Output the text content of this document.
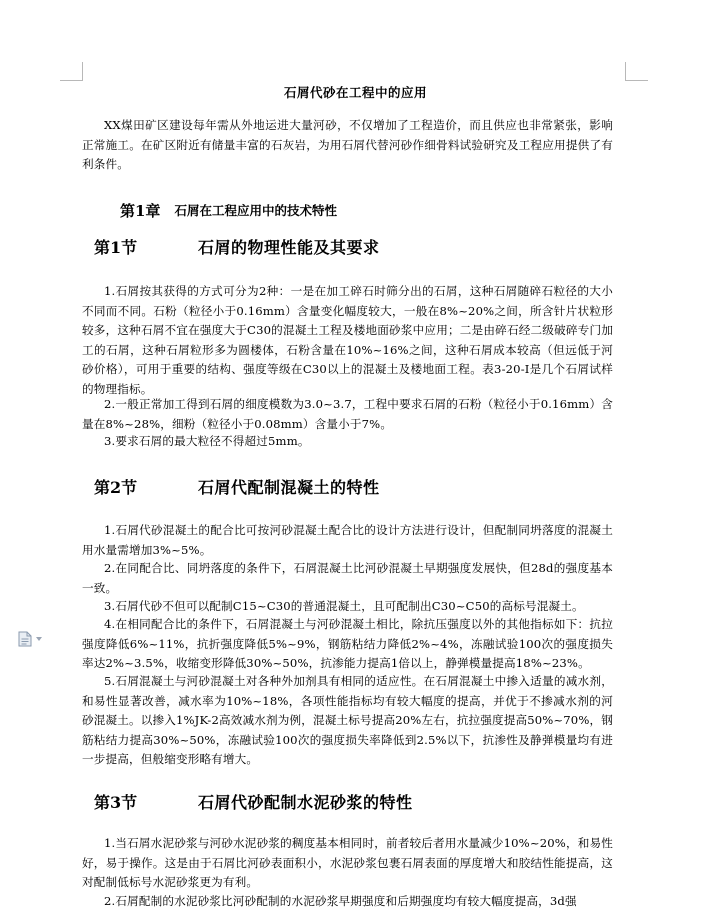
石屑代砂在工程中的应用
XX煤田矿区建设每年需从外地运进大量河砂，不仅增加了工程造价，而且供应也非常紧张，影响正常施工。在矿区附近有储量丰富的石灰岩，为用石屑代替河砂作细骨料试验研究及工程应用提供了有利条件。
第1章 石屑在工程应用中的技术特性
第1节	石屑的物理性能及其要求
1.石屑按其获得的方式可分为2种：一是在加工碎石时筛分出的石屑，这种石屑随碎石粒径的大小不同而不同。石粉（粒径小于0.16mm）含量变化幅度较大，一般在8%~20%之间，所含针片状粒形较多，这种石屑不宜在强度大于C30的混凝土工程及楼地面砂浆中应用；二是由碎石经二级破碎专门加工的石屑，这种石屑粒形多为圆楼体，石粉含量在10%~16%之间，这种石屑成本较高（但远低于河砂价格），可用于重要的结构、强度等级在C30以上的混凝土及楼地面工程。表3-20-I是几个石屑试样的物理指标。
2.一般正常加工得到石屑的细度模数为3.0~3.7，工程中要求石屑的石粉（粒径小于0.16mm）含量在8%~28%，细粉（粒径小于0.08mm）含量小于7%。
3.要求石屑的最大粒径不得超过5mm。
第2节	石屑代配制混凝土的特性
1.石屑代砂混凝土的配合比可按河砂混凝土配合比的设计方法进行设计，但配制同坍落度的混凝土用水量需增加3%~5%。
2.在同配合比、同坍落度的条件下，石屑混凝土比河砂混凝土早期强度发展快，但28d的强度基本一致。
3.石屑代砂不但可以配制C15~C30的普通混凝土，且可配制出C30~C50的高标号混凝土。
4.在相同配合比的条件下，石屑混凝土与河砂混凝土相比，除抗压强度以外的其他指标如下：抗拉强度降低6%~11%，抗折强度降低5%~9%，钢筋粘结力降低2%~4%，冻融试验100次的强度损失率达2%~3.5%，收缩变形降低30%~50%，抗渗能力提高1倍以上，静弹模量提高18%~23%。
5.石屑混凝土与河砂混凝土对各种外加剂具有相同的适应性。在石屑混凝土中掺入适量的减水剂，和易性显著改善，减水率为10%~18%，各项性能指标均有较大幅度的提高，并优于不掺减水剂的河砂混凝土。以掺入1%JK-2高效减水剂为例，混凝土标号提高20%左右，抗拉强度提高50%~70%，钢筋粘结力提高30%~50%，冻融试验100次的强度损失率降低到2.5%以下，抗渗性及静弹模量均有进一步提高，但般缩变形略有增大。
第3节	石屑代砂配制水泥砂浆的特性
1.当石屑水泥砂浆与河砂水泥砂浆的稠度基本相同时，前者较后者用水量减少10%~20%，和易性好，易于操作。这是由于石屑比河砂表面积小，水泥砂浆包裹石屑表面的厚度增大和胶结性能提高，这对配制低标号水泥砂浆更为有利。
2.石屑配制的水泥砂浆比河砂配制的水泥砂浆早期强度和后期强度均有较大幅度提高，3d强
